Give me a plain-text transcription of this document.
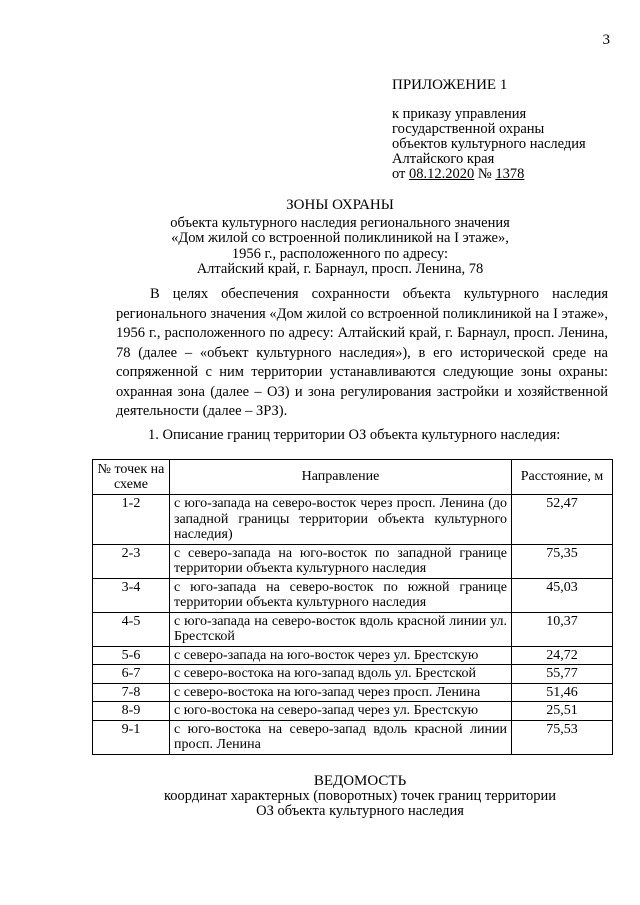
3
ПРИЛОЖЕНИЕ 1
к приказу управления
государственной охраны
объектов культурного наследия
Алтайского края
от 08.12.2020 № 1378
ЗОНЫ ОХРАНЫ
объекта культурного наследия регионального значения
«Дом жилой со встроенной поликлиникой на I этаже»,
1956 г., расположенного по адресу:
Алтайский край, г. Барнаул, просп. Ленина, 78
В целях обеспечения сохранности объекта культурного наследия регионального значения «Дом жилой со встроенной поликлиникой на I этаже», 1956 г., расположенного по адресу: Алтайский край, г. Барнаул, просп. Ленина, 78 (далее – «объект культурного наследия»), в его исторической среде на сопряженной с ним территории устанавливаются следующие зоны охраны: охранная зона (далее – ОЗ) и зона регулирования застройки и хозяйственной деятельности (далее – ЗРЗ).
1. Описание границ территории ОЗ объекта культурного наследия:
№ точек на схеме	Направление	Расстояние, м
1-2	с юго-запада на северо-восток через просп. Ленина (до западной границы территории объекта культурного наследия)	52,47
2-3	с северо-запада на юго-восток по западной границе территории объекта культурного наследия	75,35
3-4	с юго-запада на северо-восток по южной границе территории объекта культурного наследия	45,03
4-5	с юго-запада на северо-восток вдоль красной линии ул. Брестской	10,37
5-6	с северо-запада на юго-восток через ул. Брестскую	24,72
6-7	с северо-востока на юго-запад вдоль ул. Брестской	55,77
7-8	с северо-востока на юго-запад через просп. Ленина	51,46
8-9	с юго-востока на северо-запад через ул. Брестскую	25,51
9-1	с юго-востока на северо-запад вдоль красной линии просп. Ленина	75,53
ВЕДОМОСТЬ
координат характерных (поворотных) точек границ территории
ОЗ объекта культурного наследия
